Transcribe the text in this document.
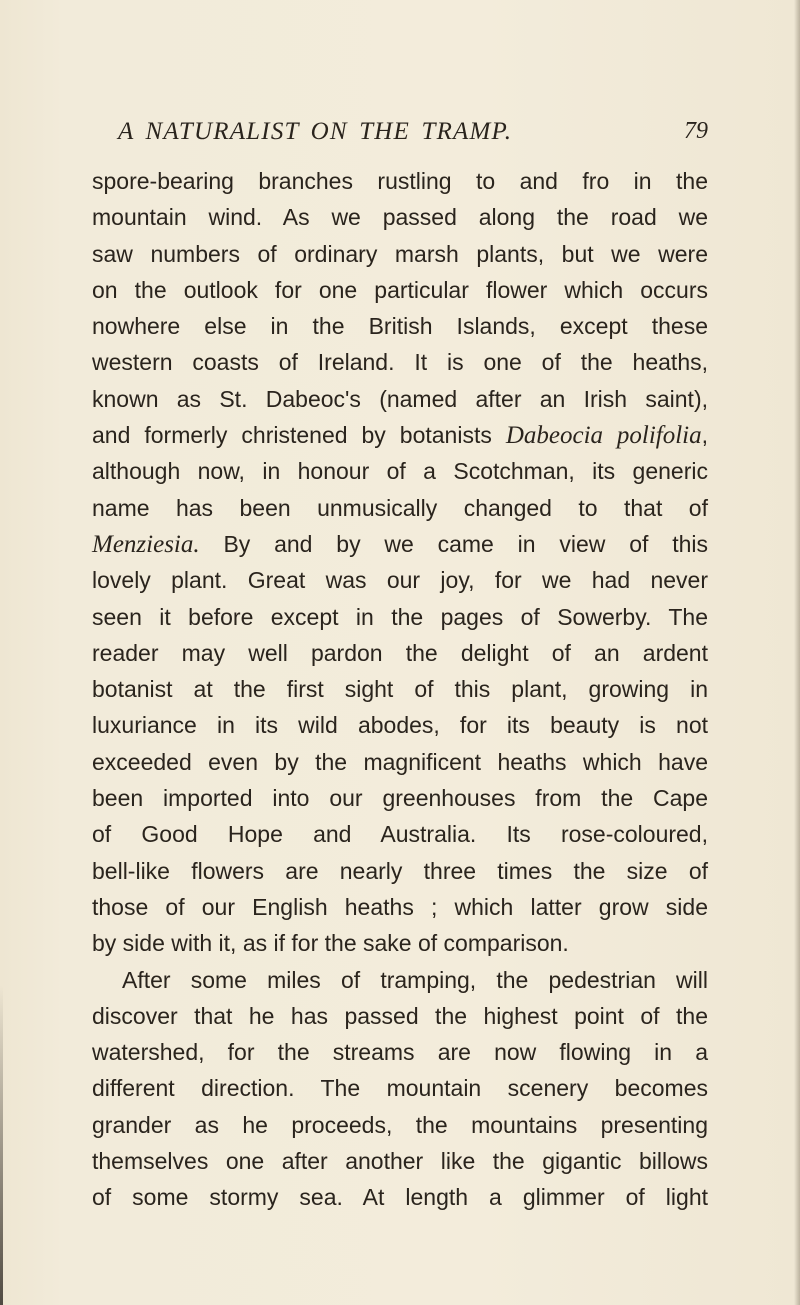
A NATURALIST ON THE TRAMP.	79
spore-bearing branches rustling to and fro in the
mountain wind. As we passed along the road we
saw numbers of ordinary marsh plants, but we were
on the outlook for one particular flower which occurs
nowhere else in the British Islands, except these
western coasts of Ireland. It is one of the heaths,
known as St. Dabeoc's (named after an Irish saint),
and formerly christened by botanists Dabeocia polifolia,
although now, in honour of a Scotchman, its generic
name has been unmusically changed to that of
Menziesia. By and by we came in view of this
lovely plant. Great was our joy, for we had never
seen it before except in the pages of Sowerby. The
reader may well pardon the delight of an ardent
botanist at the first sight of this plant, growing in
luxuriance in its wild abodes, for its beauty is not
exceeded even by the magnificent heaths which have
been imported into our greenhouses from the Cape
of Good Hope and Australia. Its rose-coloured,
bell-like flowers are nearly three times the size of
those of our English heaths ; which latter grow side
by side with it, as if for the sake of comparison.
After some miles of tramping, the pedestrian will
discover that he has passed the highest point of the
watershed, for the streams are now flowing in a
different direction. The mountain scenery becomes
grander as he proceeds, the mountains presenting
themselves one after another like the gigantic billows
of some stormy sea. At length a glimmer of light
